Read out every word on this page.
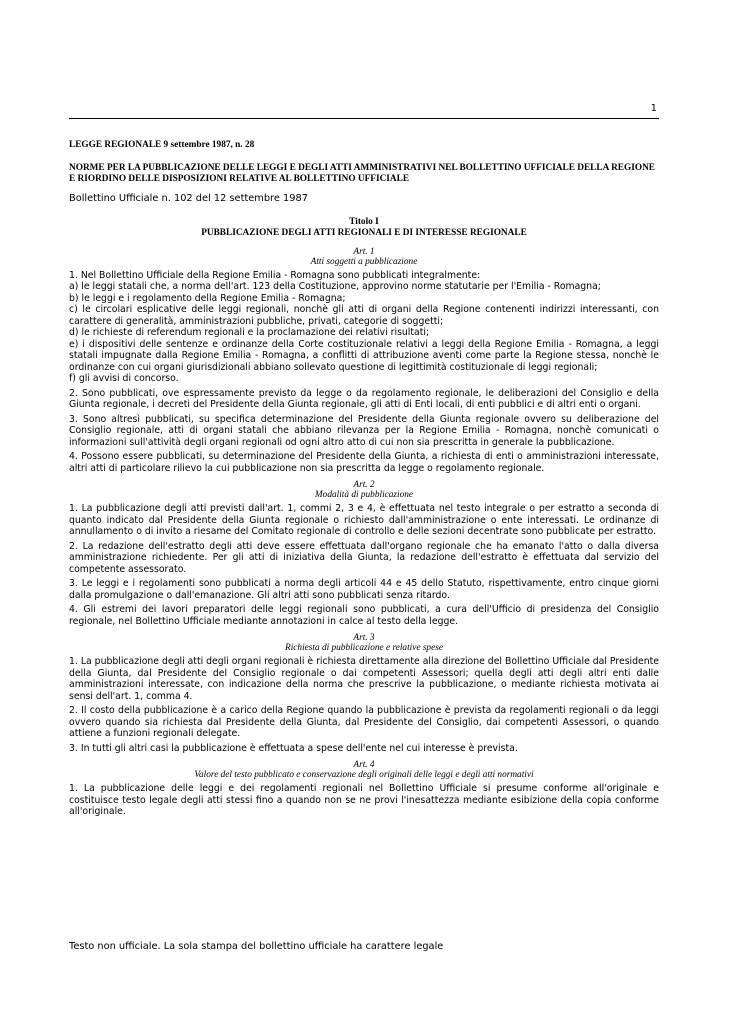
1

LEGGE REGIONALE 9 settembre 1987, n. 28

NORME PER LA PUBBLICAZIONE DELLE LEGGI E DEGLI ATTI AMMINISTRATIVI NEL BOLLETTINO UFFICIALE DELLA REGIONE E RIORDINO DELLE DISPOSIZIONI RELATIVE AL BOLLETTINO UFFICIALE

Bollettino Ufficiale n. 102 del 12 settembre 1987

Titolo I

PUBBLICAZIONE DEGLI ATTI REGIONALI E DI INTERESSE REGIONALE

Art. 1

Atti soggetti a pubblicazione

1. Nel Bollettino Ufficiale della Regione Emilia - Romagna sono pubblicati integralmente:
a) le leggi statali che, a norma dell'art. 123 della Costituzione, approvino norme statutarie per l'Emilia - Romagna;
b) le leggi e i regolamento della Regione Emilia - Romagna;
c) le circolari esplicative delle leggi regionali, nonchè gli atti di organi della Regione contenenti indirizzi interessanti, con carattere di generalità, amministrazioni pubbliche, privati, categorie di soggetti;
d) le richieste di referendum regionali e la proclamazione dei relativi risultati;
e) i dispositivi delle sentenze e ordinanze della Corte costituzionale relativi a leggi della Regione Emilia - Romagna, a leggi statali impugnate dalla Regione Emilia - Romagna, a conflitti di attribuzione aventi come parte la Regione stessa, nonchè le ordinanze con cui organi giurisdizionali abbiano sollevato questione di legittimità costituzionale di leggi regionali;
f) gli avvisi di concorso.
2. Sono pubblicati, ove espressamente previsto da legge o da regolamento regionale, le deliberazioni del Consiglio e della Giunta regionale, i decreti del Presidente della Giunta regionale, gli atti di Enti locali, di enti pubblici e di altri enti o organi.
3. Sono altresì pubblicati, su specifica determinazione del Presidente della Giunta regionale ovvero su deliberazione del Consiglio regionale, atti di organi statali che abbiano rilevanza per la Regione Emilia - Romagna, nonchè comunicati o informazioni sull'attività degli organi regionali od ogni altro atto di cui non sia prescritta in generale la pubblicazione.
4. Possono essere pubblicati, su determinazione del Presidente della Giunta, a richiesta di enti o amministrazioni interessate, altri atti di particolare rilievo la cui pubblicazione non sia prescritta da legge o regolamento regionale.

Art. 2

Modalità di pubblicazione

1. La pubblicazione degli atti previsti dall'art. 1, commi 2, 3 e 4, è effettuata nel testo integrale o per estratto a seconda di quanto indicato dal Presidente della Giunta regionale o richiesto dall'amministrazione o ente interessati. Le ordinanze di annullamento o di invito a riesame del Comitato regionale di controllo e delle sezioni decentrate sono pubblicate per estratto.
2. La redazione dell'estratto degli atti deve essere effettuata dall'organo regionale che ha emanato l'atto o dalla diversa amministrazione richiedente. Per gli atti di iniziativa della Giunta, la redazione dell'estratto è effettuata dal servizio del competente assessorato.
3. Le leggi e i regolamenti sono pubblicati a norma degli articoli 44 e 45 dello Statuto, rispettivamente, entro cinque giorni dalla promulgazione o dall'emanazione. Gli altri atti sono pubblicati senza ritardo.
4. Gli estremi dei lavori preparatori delle leggi regionali sono pubblicati, a cura dell'Ufficio di presidenza del Consiglio regionale, nel Bollettino Ufficiale mediante annotazioni in calce al testo della legge.

Art. 3

Richiesta di pubblicazione e relative spese

1. La pubblicazione degli atti degli organi regionali è richiesta direttamente alla direzione del Bollettino Ufficiale dal Presidente della Giunta, dal Presidente del Consiglio regionale o dai competenti Assessori; quella degli atti degli altri enti dalle amministrazioni interessate, con indicazione della norma che prescrive la pubblicazione, o mediante richiesta motivata ai sensi dell'art. 1, comma 4.
2. Il costo della pubblicazione è a carico della Regione quando la pubblicazione è prevista da regolamenti regionali o da leggi ovvero quando sia richiesta dal Presidente della Giunta, dal Presidente del Consiglio, dai competenti Assessori, o quando attiene a funzioni regionali delegate.
3. In tutti gli altri casi la pubblicazione è effettuata a spese dell'ente nel cui interesse è prevista.

Art. 4

Valore del testo pubblicato e conservazione degli originali delle leggi e degli atti normativi

1. La pubblicazione delle leggi e dei regolamenti regionali nel Bollettino Ufficiale si presume conforme all'originale e costituisce testo legale degli atti stessi fino a quando non se ne provi l'inesattezza mediante esibizione della copia conforme all'originale.
Testo non ufficiale. La sola stampa del bollettino ufficiale ha carattere legale
